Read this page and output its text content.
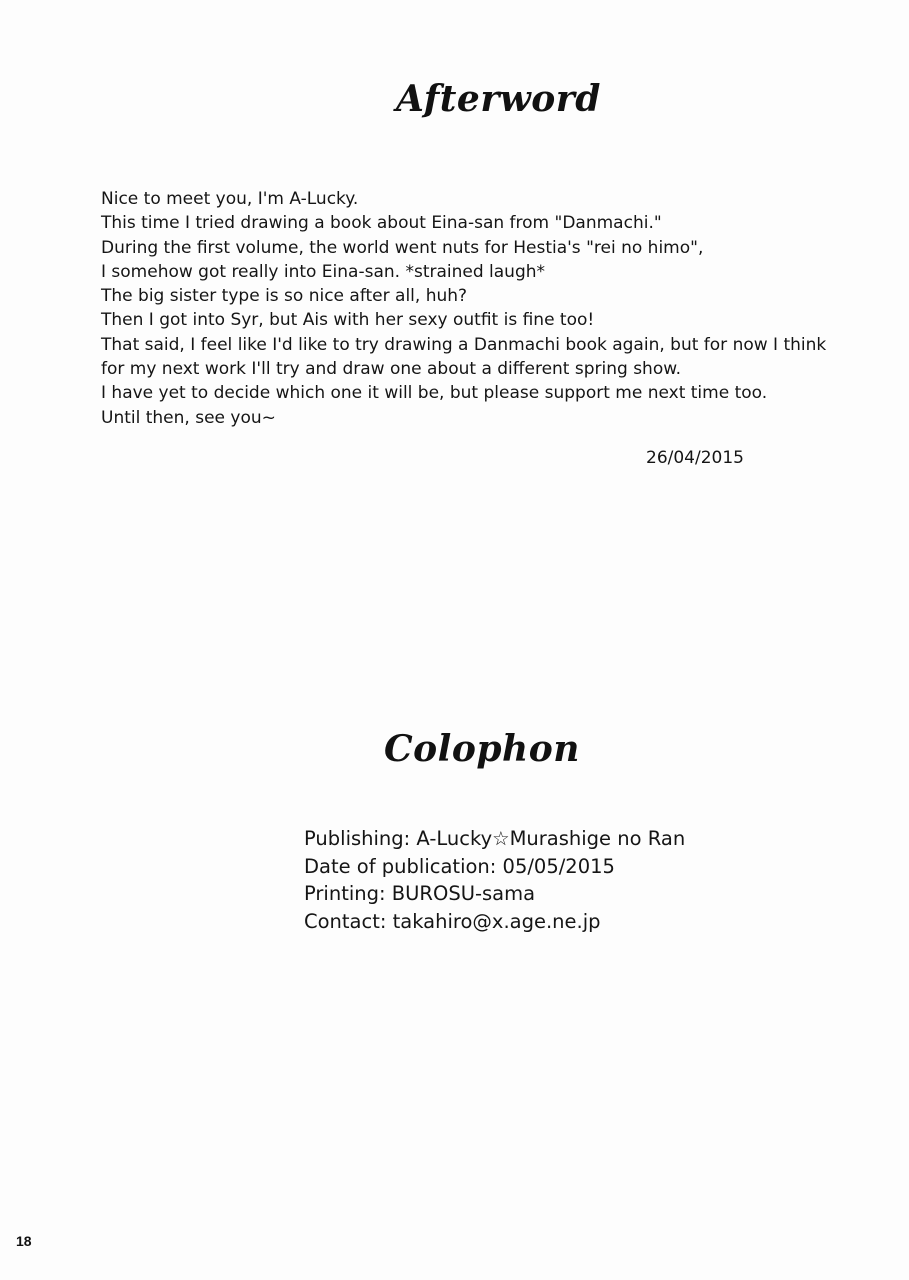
Afterword
Nice to meet you, I'm A-Lucky.
This time I tried drawing a book about Eina-san from "Danmachi."
During the first volume, the world went nuts for Hestia's "rei no himo",
I somehow got really into Eina-san. *strained laugh*
The big sister type is so nice after all, huh?
Then I got into Syr, but Ais with her sexy outfit is fine too!
That said, I feel like I'd like to try drawing a Danmachi book again, but for now I think
for my next work I'll try and draw one about a different spring show.
I have yet to decide which one it will be, but please support me next time too.
Until then, see you~
26/04/2015
Colophon
Publishing: A-Lucky☆Murashige no Ran
Date of publication: 05/05/2015
Printing: BUROSU-sama
Contact: takahiro@x.age.ne.jp
18
